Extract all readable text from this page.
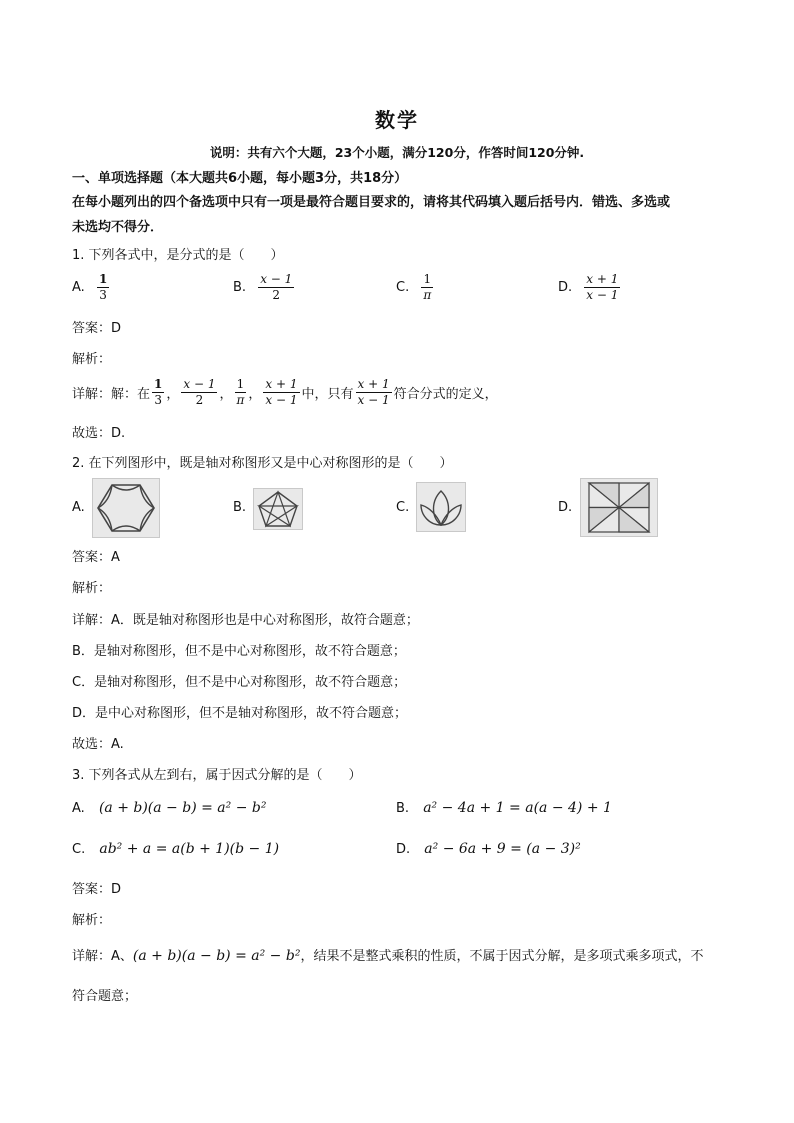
数学
说明：共有六个大题，23个小题，满分120分，作答时间120分钟.
一、单项选择题（本大题共6小题，每小题3分，共18分）
在每小题列出的四个备选项中只有一项是最符合题目要求的，请将其代码填入题后括号内．错选、多选或
未选均不得分．
1. 下列各式中，是分式的是（　　）
A. $\frac{1}{3}$	B. $\frac{x - 1}{2}$	C. $\frac{1}{\pi}$	D. $\frac{x + 1}{x - 1}$
答案：D
解析：
详解：解：在 $\frac{1}{3}$ ， $\frac{x - 1}{2}$ ， $\frac{1}{\pi}$ ， $\frac{x + 1}{x - 1}$ 中，只有 $\frac{x + 1}{x - 1}$ 符合分式的定义，
故选：D.
2. 在下列图形中，既是轴对称图形又是中心对称图形的是（　　）
A.	B.	C.	D.
答案：A
解析：
详解：A．既是轴对称图形也是中心对称图形，故符合题意；
B．是轴对称图形，但不是中心对称图形，故不符合题意；
C．是轴对称图形，但不是中心对称图形，故不符合题意；
D．是中心对称图形，但不是轴对称图形，故不符合题意；
故选：A.
3. 下列各式从左到右，属于因式分解的是（　　）
A. (a + b)(a − b) = a² − b²	B. a² − 4a + 1 = a(a − 4) + 1
C. ab² + a = a(b + 1)(b − 1)	D. a² − 6a + 9 = (a − 3)²
答案：D
解析：
详解：A、(a + b)(a − b) = a² − b²，结果不是整式乘积的性质，不属于因式分解，是多项式乘多项式，不
符合题意；
